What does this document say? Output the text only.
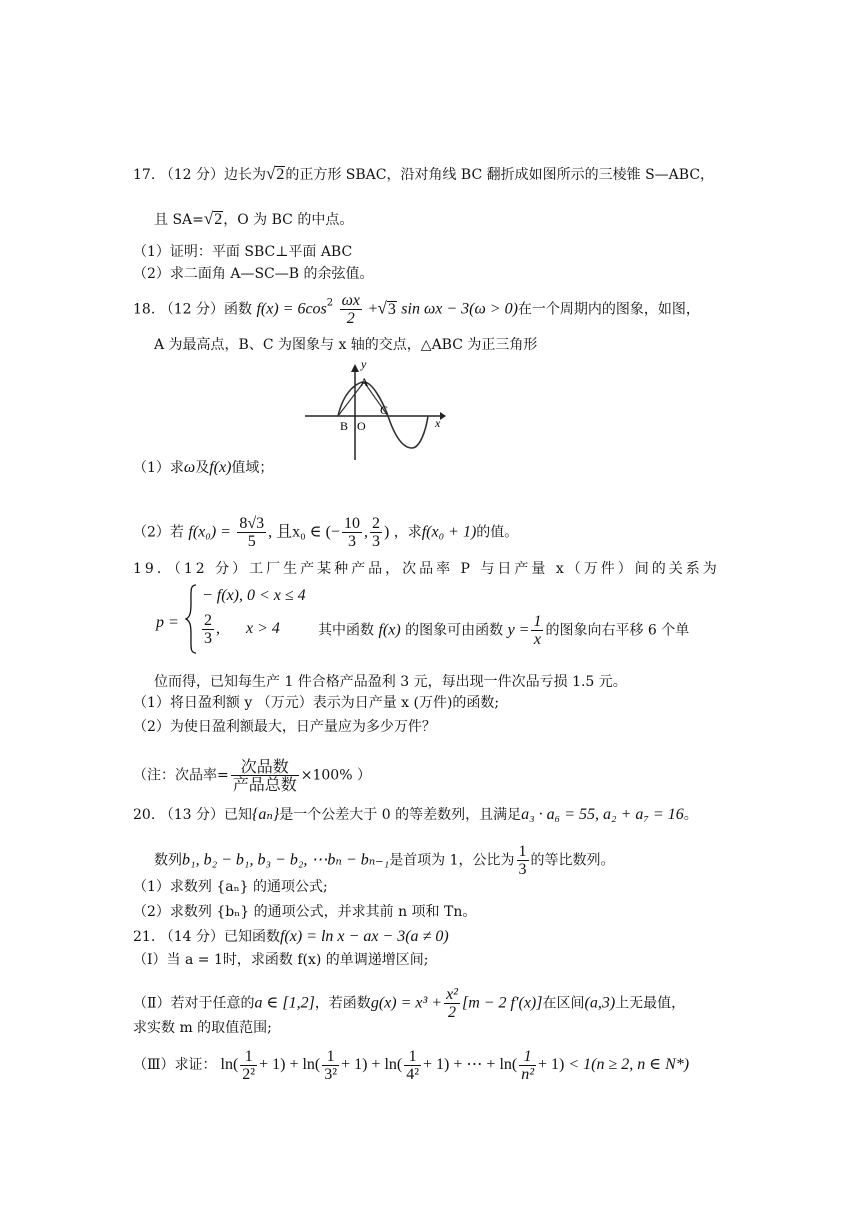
17. （12 分）边长为√2的正方形 SBAC，沿对角线 BC 翻折成如图所示的三棱锥 S—ABC，
且 SA=√2，O 为 BC 的中点。
（1）证明：平面 SBC⊥平面 ABC
（2）求二面角 A—SC—B 的余弦值。
18. （12 分）函数 $f(x) = 6\cos^2 \frac{\omega x}{2} +√3$ sin ωx − 3(ω > 0)在一个周期内的图象，如图，
A 为最高点，B、C 为图象与 x 轴的交点，△ABC 为正三角形
y
A
B O
C
x
（1）求ω及f(x)值域；
（2）若 $f(x_0) = \frac{8√3}{5}$ , 且x₀ ∈ (− $\frac{10}{3}$ , $\frac{2}{3}$ ) ，求f(x₀ + 1)的值。
19．（12 分）工厂生产某种产品，次品率 P 与日产量 x（万件）间的关系为
p =
− f(x), 0 < x ≤ 4
$\frac{2}{3}$ , x > 4	其中函数 f(x) 的图象可由函数 $y = \frac{1}{x}$ 的图象向右平移 6 个单
位而得，已知每生产 1 件合格产品盈利 3 元，每出现一件次品亏损 1.5 元。
（1）将日盈利额 y （万元）表示为日产量 x (万件)的函数;
（2）为使日盈利额最大，日产量应为多少万件？
（注：次品率= $\frac{\text{次品数}}{\text{产品总数}} \times 100\%$ ）
20. （13 分）已知{aₙ}是一个公差大于 0 的等差数列，且满足a₃ · a₆ = 55, a₂ + a₇ = 16。
数列b₁, b₂ − b₁, b₃ − b₂, ⋯bₙ − bₙ₋₁是首项为 1，公比为 $\frac{1}{3}$ 的等比数列。
（1）求数列 {aₙ} 的通项公式;
（2）求数列 {bₙ} 的通项公式，并求其前 n 项和 Tn。
21. （14 分）已知函数f(x) = ln x − ax − 3(a ≠ 0)
（Ⅰ）当 a = 1时，求函数 f(x) 的单调递增区间;
（Ⅱ）若对于任意的a ∈ [1,2]，若函数$g(x) = x^3 + \frac{\text{x²}}{2} [m - 2$ f′(x)]在区间(a,3)上无最值，
求实数 m 的取值范围;
（Ⅲ）求证： $\ln( \frac{1}{\text{2²}} + 1) + \ln( \frac{1}{\text{3²}} + 1) + \ln( \frac{1}{\text{4²}} + 1)$ + ⋯ + $\ln( \frac{1}{\text{n²}} + 1) < 1(n \ge 2$, n ∈ N*)
